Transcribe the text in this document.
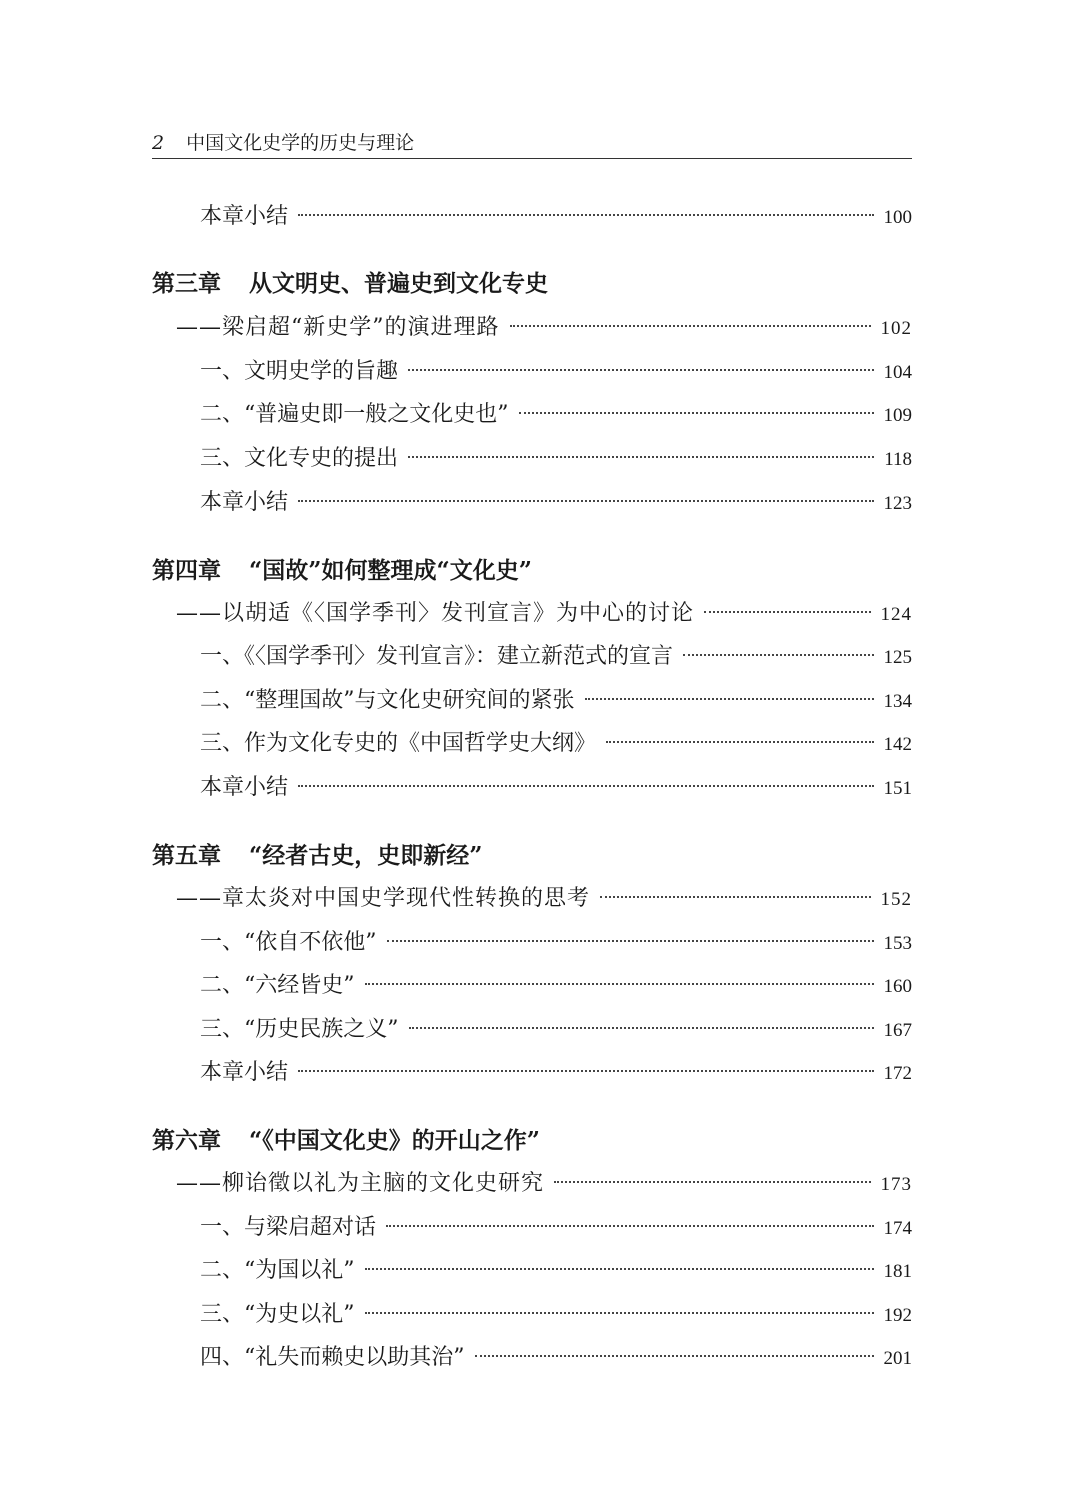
2 中国文化史学的历史与理论
本章小结	100
第三章 从文明史、普遍史到文化专史
——梁启超“新史学”的演进理路	102
一、文明史学的旨趣	104
二、“普遍史即一般之文化史也”	109
三、文化专史的提出	118
本章小结	123
第四章 “国故”如何整理成“文化史”
——以胡适《〈国学季刊〉发刊宣言》为中心的讨论	124
一、《〈国学季刊〉发刊宣言》：建立新范式的宣言	125
二、“整理国故”与文化史研究间的紧张	134
三、作为文化专史的《中国哲学史大纲》	142
本章小结	151
第五章 “经者古史，史即新经”
——章太炎对中国史学现代性转换的思考	152
一、“依自不依他”	153
二、“六经皆史”	160
三、“历史民族之义”	167
本章小结	172
第六章 “《中国文化史》的开山之作”
——柳诒徵以礼为主脑的文化史研究	173
一、与梁启超对话	174
二、“为国以礼”	181
三、“为史以礼”	192
四、“礼失而赖史以助其治”	201
